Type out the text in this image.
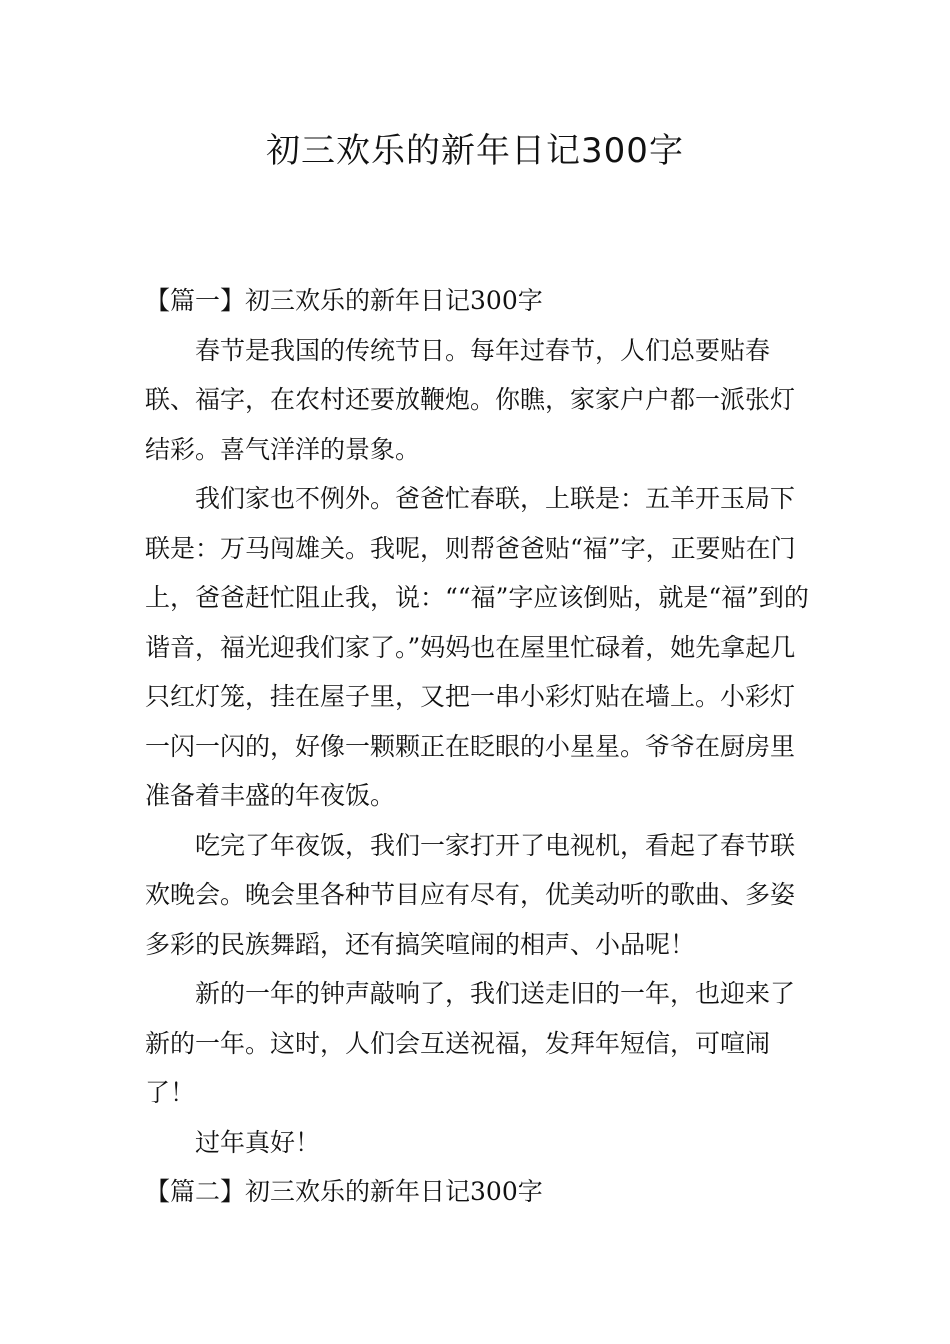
初三欢乐的新年日记300字

【篇一】初三欢乐的新年日记300字

春节是我国的传统节日。每年过春节，人们总要贴春联、福字，在农村还要放鞭炮。你瞧，家家户户都一派张灯结彩。喜气洋洋的景象。

我们家也不例外。爸爸忙春联，上联是：五羊开玉局下联是：万马闯雄关。我呢，则帮爸爸贴“福”字，正要贴在门上，爸爸赶忙阻止我，说：““福”字应该倒贴，就是“福”到的谐音，福光迎我们家了。”妈妈也在屋里忙碌着，她先拿起几只红灯笼，挂在屋子里，又把一串小彩灯贴在墙上。小彩灯一闪一闪的，好像一颗颗正在眨眼的小星星。爷爷在厨房里准备着丰盛的年夜饭。

吃完了年夜饭，我们一家打开了电视机，看起了春节联欢晚会。晚会里各种节目应有尽有，优美动听的歌曲、多姿多彩的民族舞蹈，还有搞笑喧闹的相声、小品呢！

新的一年的钟声敲响了，我们送走旧的一年，也迎来了新的一年。这时，人们会互送祝福，发拜年短信，可喧闹了！

过年真好！

【篇二】初三欢乐的新年日记300字
